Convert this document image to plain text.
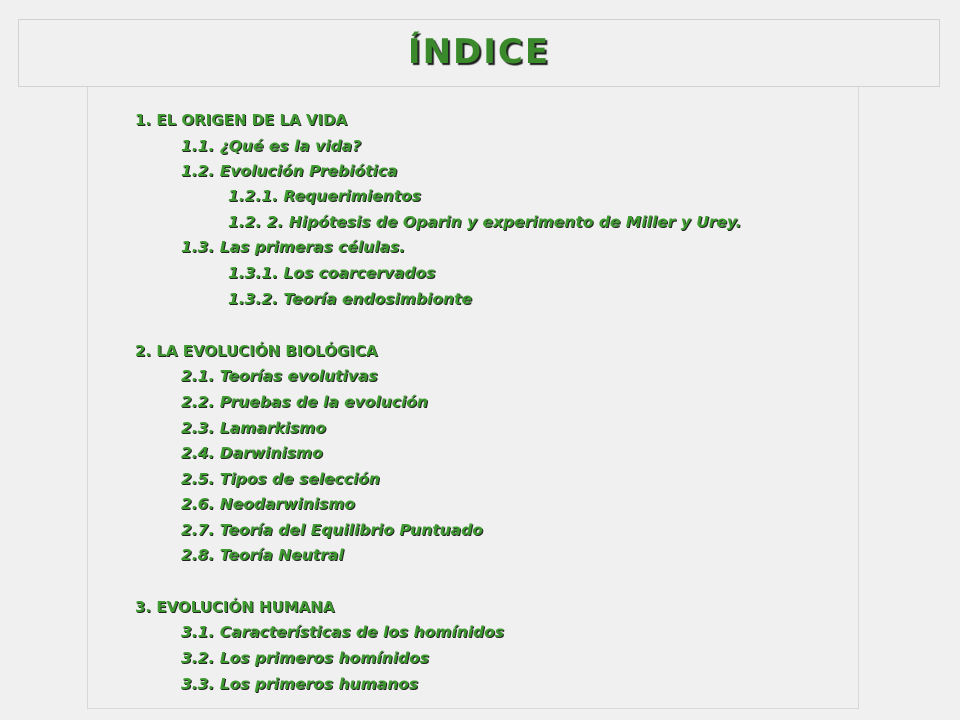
ÍNDICE
1. EL ORIGEN DE LA VIDA
1.1. ¿Qué es la vida?
1.2. Evolución Prebiótica
1.2.1. Requerimientos
1.2. 2. Hipótesis de Oparin y experimento de Miller y Urey.
1.3. Las primeras células.
1.3.1. Los coarcervados
1.3.2. Teoría endosimbionte
2. LA EVOLUCIÓN BIOLÓGICA
2.1. Teorías evolutivas
2.2. Pruebas de la evolución
2.3. Lamarkismo
2.4. Darwinismo
2.5. Tipos de selección
2.6. Neodarwinismo
2.7. Teoría del Equilibrio Puntuado
2.8. Teoría Neutral
3. EVOLUCIÓN HUMANA
3.1. Características de los homínidos
3.2. Los primeros homínidos
3.3. Los primeros humanos
